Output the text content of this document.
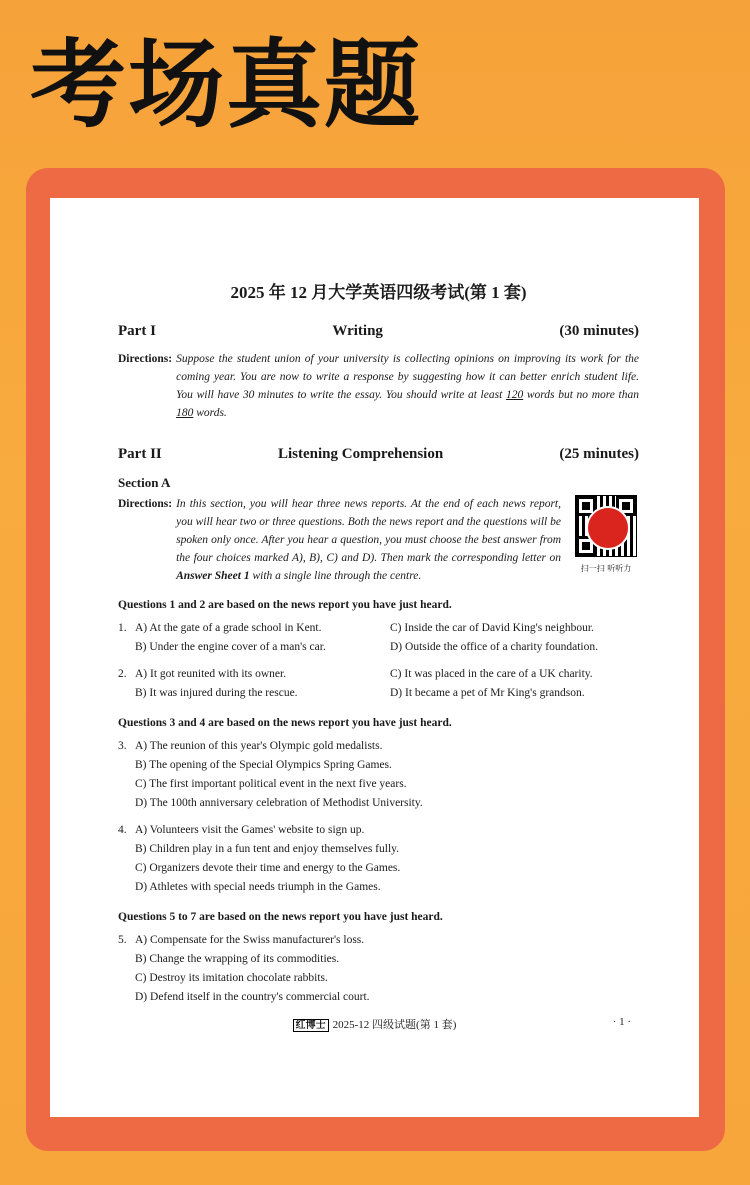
考场真题
2025 年 12 月大学英语四级考试(第 1 套)
Part I	Writing	(30 minutes)
Directions: Suppose the student union of your university is collecting opinions on improving its work for the coming year. You are now to write a response by suggesting how it can better enrich student life. You will have 30 minutes to write the essay. You should write at least 120 words but no more than 180 words.
Part II	Listening Comprehension	(25 minutes)
Section A
Directions: In this section, you will hear three news reports. At the end of each news report, you will hear two or three questions. Both the news report and the questions will be spoken only once. After you hear a question, you must choose the best answer from the four choices marked A), B), C) and D). Then mark the corresponding letter on Answer Sheet 1 with a single line through the centre.
扫一扫 听听力
Questions 1 and 2 are based on the news report you have just heard.
1. A) At the gate of a grade school in Kent.	C) Inside the car of David King's neighbour.
B) Under the engine cover of a man's car.	D) Outside the office of a charity foundation.
2. A) It got reunited with its owner.	C) It was placed in the care of a UK charity.
B) It was injured during the rescue.	D) It became a pet of Mr King's grandson.
Questions 3 and 4 are based on the news report you have just heard.
3. A) The reunion of this year's Olympic gold medalists.
B) The opening of the Special Olympics Spring Games.
C) The first important political event in the next five years.
D) The 100th anniversary celebration of Methodist University.
4. A) Volunteers visit the Games' website to sign up.
B) Children play in a fun tent and enjoy themselves fully.
C) Organizers devote their time and energy to the Games.
D) Athletes with special needs triumph in the Games.
Questions 5 to 7 are based on the news report you have just heard.
5. A) Compensate for the Swiss manufacturer's loss.
B) Change the wrapping of its commodities.
C) Destroy its imitation chocolate rabbits.
D) Defend itself in the country's commercial court.
红博士 2025-12 四级试题(第 1 套)	· 1 ·
